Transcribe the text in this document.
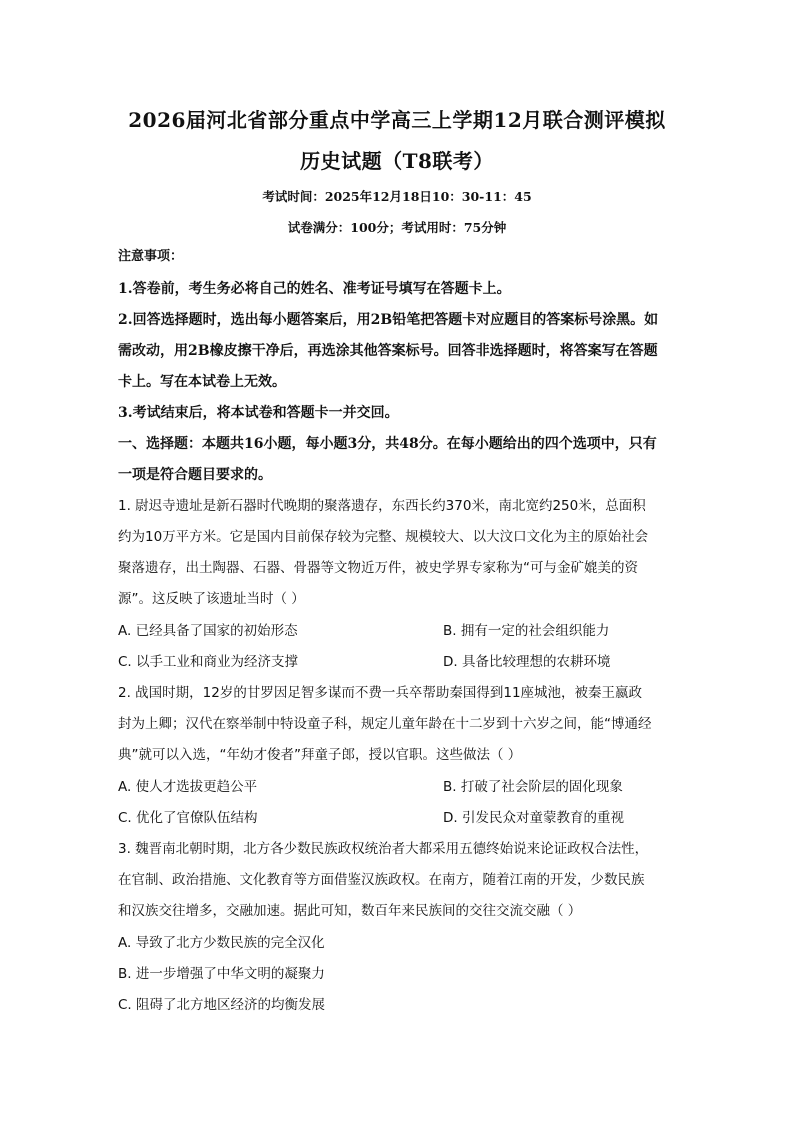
2026届河北省部分重点中学高三上学期12月联合测评模拟
历史试题（T8联考）
考试时间：2025年12月18日10：30-11：45
试卷满分：100分；考试用时：75分钟
注意事项：
1.答卷前，考生务必将自己的姓名、准考证号填写在答题卡上。
2.回答选择题时，选出每小题答案后，用2B铅笔把答题卡对应题目的答案标号涂黑。如
需改动，用2B橡皮擦干净后，再选涂其他答案标号。回答非选择题时，将答案写在答题
卡上。写在本试卷上无效。
3.考试结束后，将本试卷和答题卡一并交回。
一、选择题：本题共16小题，每小题3分，共48分。在每小题给出的四个选项中，只有
一项是符合题目要求的。
1. 尉迟寺遗址是新石器时代晚期的聚落遗存，东西长约370米，南北宽约250米，总面积
约为10万平方米。它是国内目前保存较为完整、规模较大、以大汶口文化为主的原始社会
聚落遗存，出土陶器、石器、骨器等文物近万件，被史学界专家称为“可与金矿媲美的资
源”。这反映了该遗址当时（ ）
A. 已经具备了国家的初始形态	B. 拥有一定的社会组织能力
C. 以手工业和商业为经济支撑	D. 具备比较理想的农耕环境
2. 战国时期，12岁的甘罗因足智多谋而不费一兵卒帮助秦国得到11座城池，被秦王嬴政
封为上卿；汉代在察举制中特设童子科，规定儿童年龄在十二岁到十六岁之间，能“博通经
典”就可以入选，“年幼才俊者”拜童子郎，授以官职。这些做法（ ）
A. 使人才选拔更趋公平	B. 打破了社会阶层的固化现象
C. 优化了官僚队伍结构	D. 引发民众对童蒙教育的重视
3. 魏晋南北朝时期，北方各少数民族政权统治者大都采用五德终始说来论证政权合法性，
在官制、政治措施、文化教育等方面借鉴汉族政权。在南方，随着江南的开发，少数民族
和汉族交往增多，交融加速。据此可知，数百年来民族间的交往交流交融（ ）
A. 导致了北方少数民族的完全汉化
B. 进一步增强了中华文明的凝聚力
C. 阻碍了北方地区经济的均衡发展
